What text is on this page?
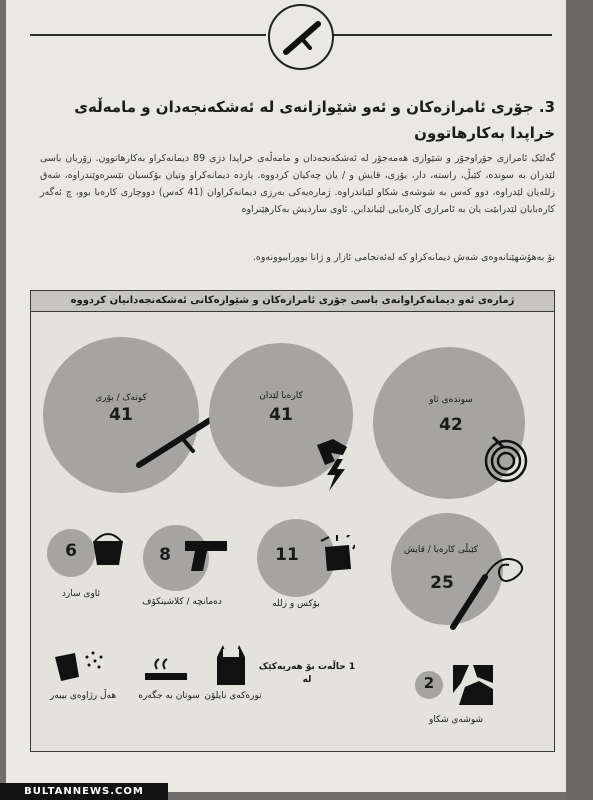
3. جۆری ئامرازەکان و ئەو شێوازانەی لە ئەشکەنجەدان و مامەڵەی خراپدا بەکارهاتوون
گەلێک ئامرازی جۆراوجۆر و شێوازی هەمەجۆر لە ئەشکەنجەدان و مامەڵەی خراپدا دژی 89 دیمانەکراو بەکارهاتوون. زۆربان باسی لێدران بە سوندە، کێبڵ، راستە، دار، بۆری، قایش و / یان چەکیان کردووە. یازدە دیمانەکراو وتیان بۆکسیان تێسرەوێندراوە، شەق زللەیان لێدراوە، دوو کەس بە شوشەی شکاو لێیاندراوە. ژمارەیەکی بەرزی دیمانەکراوان (41 کەس) دووچاری کارەبا بوو، چ ئەگەر کارەبایان لێدرابێت یان بە ئامرازی کارەبایی لێیاندابن. ئاوی ساردیش بەکارهێنراوە
بۆ بەهۆشهێنانەوەی شەش دیمانەکراو کە لەئەنجامی ئازار و ژانا بووراببوونەوە.
ژمارەی ئەو دیمانەکراوانەی باسی جۆری ئامرازەکان و شێوازەکانی ئەشکەنجەدانیان کردووە
کوتەک / بۆری
41
کارەبا لێدان
41
سوندەی ئاو
42
6
ئاوی سارد
8
دەمانچە / کلاشینکۆف
11
بۆکس و زللە
کێبڵی کارەبا / قایش
25
هەڵ رژاوەی بیبەر	سوتان بە جگەرە تورەکەی نایلۆن
1 حاڵەت بۆ هەریەکێک لە	2
شوشەی شکاو
BULTANNEWS.COM
